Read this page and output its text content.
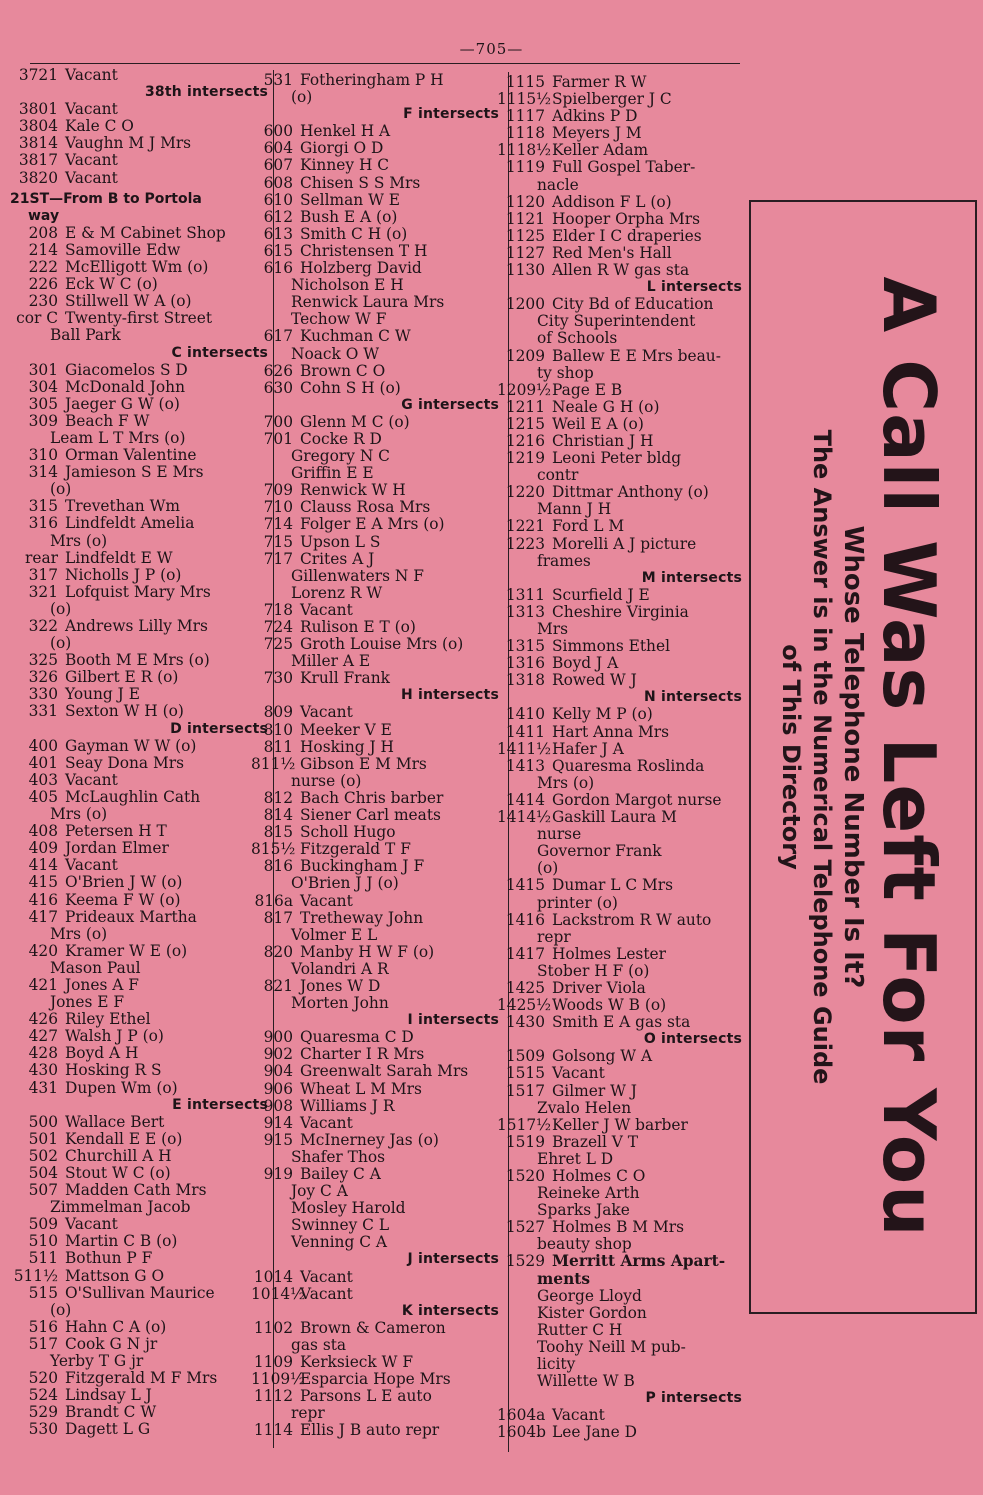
—705—
3721 Vacant
38th intersects
3801 Vacant
3804 Kale C O
3814 Vaughn M J Mrs
3817 Vacant
3820 Vacant
21ST—From B to Portola
way
208 E & M Cabinet Shop
214 Samoville Edw
222 McElligott Wm (o)
226 Eck W C (o)
230 Stillwell W A (o)
cor C Twenty-first Street
Ball Park
C intersects
301 Giacomelos S D
304 McDonald John
305 Jaeger G W (o)
309 Beach F W
Leam L T Mrs (o)
310 Orman Valentine
314 Jamieson S E Mrs
(o)
315 Trevethan Wm
316 Lindfeldt Amelia
Mrs (o)
rear Lindfeldt E W
317 Nicholls J P (o)
321 Lofquist Mary Mrs
(o)
322 Andrews Lilly Mrs
(o)
325 Booth M E Mrs (o)
326 Gilbert E R (o)
330 Young J E
331 Sexton W H (o)
D intersects
400 Gayman W W (o)
401 Seay Dona Mrs
403 Vacant
405 McLaughlin Cath
Mrs (o)
408 Petersen H T
409 Jordan Elmer
414 Vacant
415 O'Brien J W (o)
416 Keema F W (o)
417 Prideaux Martha
Mrs (o)
420 Kramer W E (o)
Mason Paul
421 Jones A F
Jones E F
426 Riley Ethel
427 Walsh J P (o)
428 Boyd A H
430 Hosking R S
431 Dupen Wm (o)
E intersects
500 Wallace Bert
501 Kendall E E (o)
502 Churchill A H
504 Stout W C (o)
507 Madden Cath Mrs
Zimmelman Jacob
509 Vacant
510 Martin C B (o)
511 Bothun P F
511½ Mattson G O
515 O'Sullivan Maurice
(o)
516 Hahn C A (o)
517 Cook G N jr
Yerby T G jr
520 Fitzgerald M F Mrs
524 Lindsay L J
529 Brandt C W
530 Dagett L G
531 Fotheringham P H
(o)
F intersects
600 Henkel H A
604 Giorgi O D
607 Kinney H C
608 Chisen S S Mrs
610 Sellman W E
612 Bush E A (o)
613 Smith C H (o)
615 Christensen T H
616 Holzberg David
Nicholson E H
Renwick Laura Mrs
Techow W F
617 Kuchman C W
Noack O W
626 Brown C O
630 Cohn S H (o)
G intersects
700 Glenn M C (o)
701 Cocke R D
Gregory N C
Griffin E E
709 Renwick W H
710 Clauss Rosa Mrs
714 Folger E A Mrs (o)
715 Upson L S
717 Crites A J
Gillenwaters N F
Lorenz R W
718 Vacant
724 Rulison E T (o)
725 Groth Louise Mrs (o)
Miller A E
730 Krull Frank
H intersects
809 Vacant
810 Meeker V E
811 Hosking J H
811½ Gibson E M Mrs
nurse (o)
812 Bach Chris barber
814 Siener Carl meats
815 Scholl Hugo
815½ Fitzgerald T F
816 Buckingham J F
O'Brien J J (o)
816a Vacant
817 Tretheway John
Volmer E L
820 Manby H W F (o)
Volandri A R
821 Jones W D
Morten John
I intersects
900 Quaresma C D
902 Charter I R Mrs
904 Greenwalt Sarah Mrs
906 Wheat L M Mrs
908 Williams J R
914 Vacant
915 McInerney Jas (o)
Shafer Thos
919 Bailey C A
Joy C A
Mosley Harold
Swinney C L
Venning C A
J intersects
1014 Vacant
1014½Vacant
K intersects
1102 Brown & Cameron
gas sta
1109 Kerksieck W F
1109½Esparcia Hope Mrs
1112 Parsons L E auto
repr
1114 Ellis J B auto repr
1115 Farmer R W
1115½Spielberger J C
1117 Adkins P D
1118 Meyers J M
1118½Keller Adam
1119 Full Gospel Taber-
nacle
1120 Addison F L (o)
1121 Hooper Orpha Mrs
1125 Elder I C draperies
1127 Red Men's Hall
1130 Allen R W gas sta
L intersects
1200 City Bd of Education
City Superintendent
of Schools
1209 Ballew E E Mrs beau-
ty shop
1209½Page E B
1211 Neale G H (o)
1215 Weil E A (o)
1216 Christian J H
1219 Leoni Peter bldg
contr
1220 Dittmar Anthony (o)
Mann J H
1221 Ford L M
1223 Morelli A J picture
frames
M intersects
1311 Scurfield J E
1313 Cheshire Virginia
Mrs
1315 Simmons Ethel
1316 Boyd J A
1318 Rowed W J
N intersects
1410 Kelly M P (o)
1411 Hart Anna Mrs
1411½Hafer J A
1413 Quaresma Roslinda
Mrs (o)
1414 Gordon Margot nurse
1414½Gaskill Laura M
nurse
Governor Frank
(o)
1415 Dumar L C Mrs
printer (o)
1416 Lackstrom R W auto
repr
1417 Holmes Lester
Stober H F (o)
1425 Driver Viola
1425½Woods W B (o)
1430 Smith E A gas sta
O intersects
1509 Golsong W A
1515 Vacant
1517 Gilmer W J
Zvalo Helen
1517½Keller J W barber
1519 Brazell V T
Ehret L D
1520 Holmes C O
Reineke Arth
Sparks Jake
1527 Holmes B M Mrs
beauty shop
1529 Merritt Arms Apart-
ments
George Lloyd
Kister Gordon
Rutter C H
Toohy Neill M pub-
licity
Willette W B
P intersects
1604a Vacant
1604b Lee Jane D
A Call Was Left For You
Whose Telephone Number Is It?
The Answer is in the Numerical Telephone Guide
of This Directory
